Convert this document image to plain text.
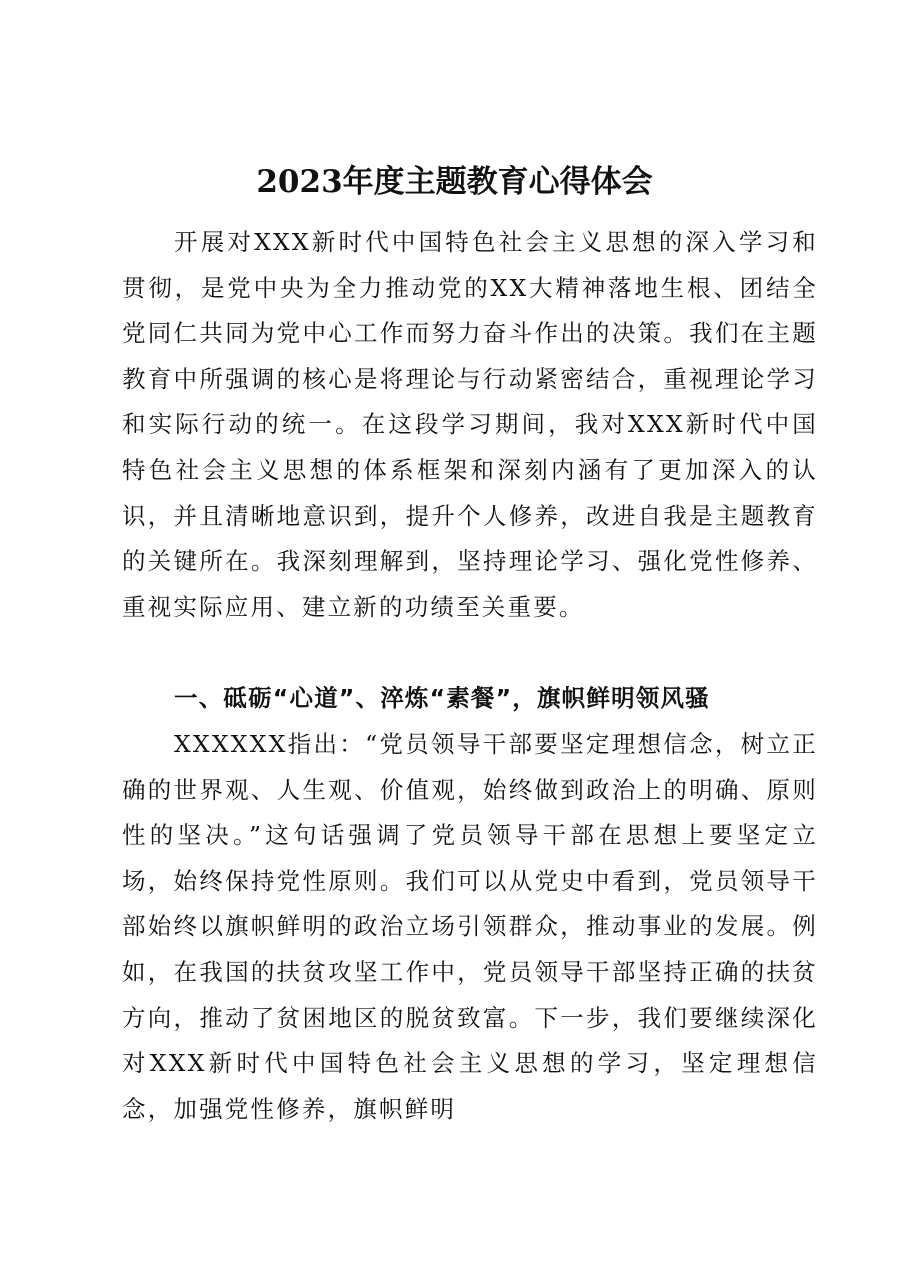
2023年度主题教育心得体会

开展对XXX新时代中国特色社会主义思想的深入学习和贯彻，是党中央为全力推动党的XX大精神落地生根、团结全党同仁共同为党中心工作而努力奋斗作出的决策。我们在主题教育中所强调的核心是将理论与行动紧密结合，重视理论学习和实际行动的统一。在这段学习期间，我对XXX新时代中国特色社会主义思想的体系框架和深刻内涵有了更加深入的认识，并且清晰地意识到，提升个人修养，改进自我是主题教育的关键所在。我深刻理解到，坚持理论学习、强化党性修养、重视实际应用、建立新的功绩至关重要。

一、砥砺“心道”、淬炼“素餐”，旗帜鲜明领风骚

XXXXXX指出：“党员领导干部要坚定理想信念，树立正确的世界观、人生观、价值观，始终做到政治上的明确、原则性的坚决。”这句话强调了党员领导干部在思想上要坚定立场，始终保持党性原则。我们可以从党史中看到，党员领导干部始终以旗帜鲜明的政治立场引领群众，推动事业的发展。例如，在我国的扶贫攻坚工作中，党员领导干部坚持正确的扶贫方向，推动了贫困地区的脱贫致富。下一步，我们要继续深化对XXX新时代中国特色社会主义思想的学习，坚定理想信念，加强党性修养，旗帜鲜明
